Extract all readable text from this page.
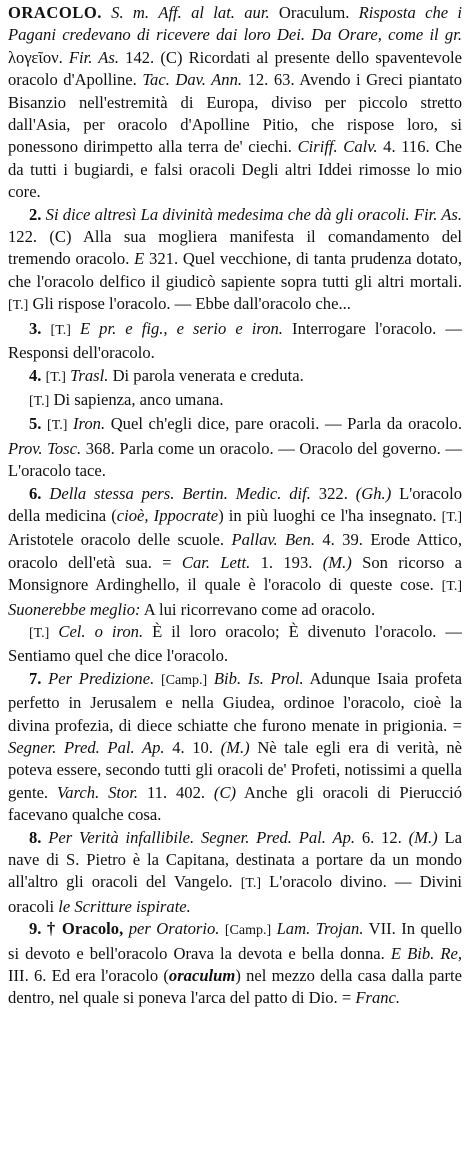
ORACOLO. S. m. Aff. al lat. aur. Oraculum. Risposta che i Pagani credevano di ricevere dai loro Dei. Da Orare, come il gr. λογεῖον. Fir. As. 142. (C) Ricordati al presente dello spaventevole oracolo d'Apolline. Tac. Dav. Ann. 12. 63. Avendo i Greci piantato Bisanzio nell'estremità di Europa, diviso per piccolo stretto dall'Asia, per oracolo d'Apolline Pitio, che rispose loro, si ponessono dirimpetto alla terra de' ciechi. Ciriff. Calv. 4. 116. Che da tutti i bugiardi, e falsi oracoli Degli altri Iddei rimosse lo mio core.

2. Si dice altresì La divinità medesima che dà gli oracoli. Fir. As. 122. (C) Alla sua mogliera manifesta il comandamento del tremendo oracolo. E 321. Quel vecchione, di tanta prudenza dotato, che l'oracolo delfico il giudicò sapiente sopra tutti gli altri mortali. [T.] Gli rispose l'oracolo. — Ebbe dall'oracolo che...

3. [T.] E pr. e fig., e serio e iron. Interrogare l'oracolo. — Responsi dell'oracolo.

4. [T.] Trasl. Di parola venerata e creduta.

[T.] Di sapienza, anco umana.

5. [T.] Iron. Quel ch'egli dice, pare oracoli. — Parla da oracolo. Prov. Tosc. 368. Parla come un oracolo. — Oracolo del governo. — L'oracolo tace.

6. Della stessa pers. Bertin. Medic. dif. 322. (Gh.) L'oracolo della medicina (cioè, Ippocrate) in più luoghi ce l'ha insegnato. [T.] Aristotele oracolo delle scuole. Pallav. Ben. 4. 39. Erode Attico, oracolo dell'età sua. = Car. Lett. 1. 193. (M.) Son ricorso a Monsignore Ardinghello, il quale è l'oracolo di queste cose. [T.] Suonerebbe meglio: A lui ricorrevano come ad oracolo.

[T.] Cel. o iron. È il loro oracolo; È divenuto l'oracolo. — Sentiamo quel che dice l'oracolo.

7. Per Predizione. [Camp.] Bib. Is. Prol. Adunque Isaia profeta perfetto in Jerusalem e nella Giudea, ordinoe l'oracolo, cioè la divina profezia, di diece schiatte che furono menate in prigionia. = Segner. Pred. Pal. Ap. 4. 10. (M.) Nè tale egli era di verità, nè poteva essere, secondo tutti gli oracoli de' Profeti, notissimi a quella gente. Varch. Stor. 11. 402. (C) Anche gli oracoli di Pierucció facevano qualche cosa.

8. Per Verità infallibile. Segner. Pred. Pal. Ap. 6. 12. (M.) La nave di S. Pietro è la Capitana, destinata a portare da un mondo all'altro gli oracoli del Vangelo. [T.] L'oracolo divino. — Divini oracoli le Scritture ispirate.

9. † Oracolo, per Oratorio. [Camp.] Lam. Trojan. VII. In quello si devoto e bell'oracolo Orava la devota e bella donna. E Bib. Re, III. 6. Ed era l'oracolo (oraculum) nel mezzo della casa dalla parte dentro, nel quale si poneva l'arca del patto di Dio. = Franc.
